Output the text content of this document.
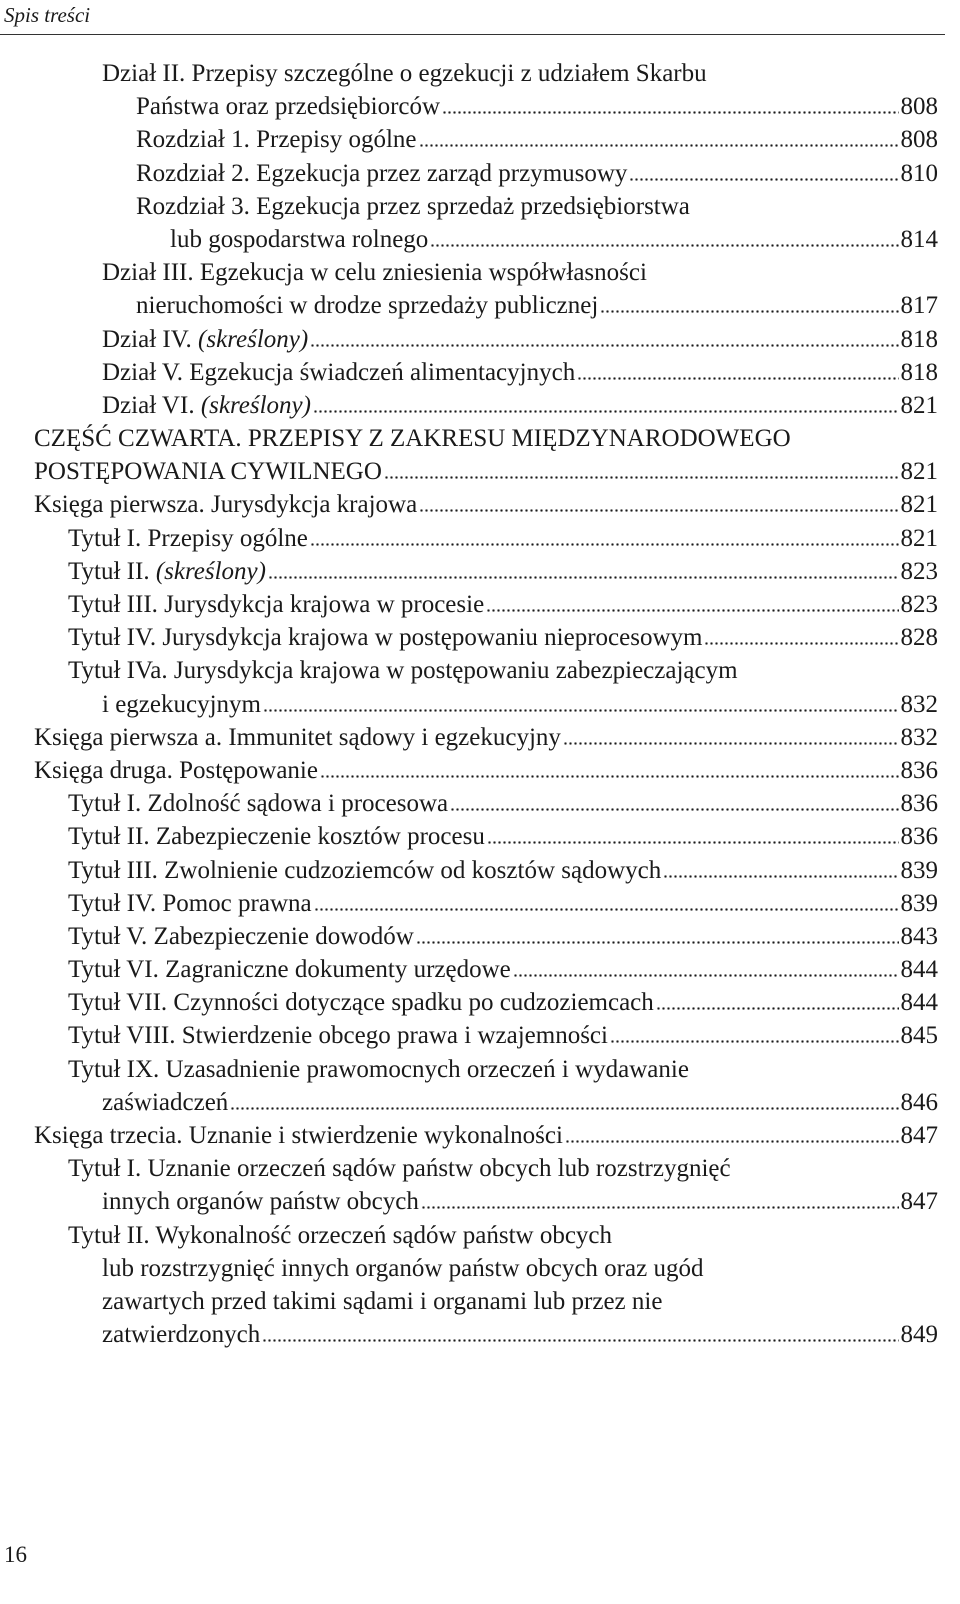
Spis treści
Dział II. Przepisy szczególne o egzekucji z udziałem Skarbu
Państwa oraz przedsiębiorców	808
Rozdział 1. Przepisy ogólne	808
Rozdział 2. Egzekucja przez zarząd przymusowy	810
Rozdział 3. Egzekucja przez sprzedaż przedsiębiorstwa
lub gospodarstwa rolnego	814
Dział III. Egzekucja w celu zniesienia współwłasności
nieruchomości w drodze sprzedaży publicznej	817
Dział IV. (skreślony)	818
Dział V. Egzekucja świadczeń alimentacyjnych	818
Dział VI. (skreślony)	821
CZĘŚĆ CZWARTA. PRZEPISY Z ZAKRESU MIĘDZYNARODOWEGO
POSTĘPOWANIA CYWILNEGO	821
Księga pierwsza. Jurysdykcja krajowa	821
Tytuł I. Przepisy ogólne	821
Tytuł II. (skreślony)	823
Tytuł III. Jurysdykcja krajowa w procesie	823
Tytuł IV. Jurysdykcja krajowa w postępowaniu nieprocesowym	828
Tytuł IVa. Jurysdykcja krajowa w postępowaniu zabezpieczającym
i egzekucyjnym	832
Księga pierwsza a. Immunitet sądowy i egzekucyjny	832
Księga druga. Postępowanie	836
Tytuł I. Zdolność sądowa i procesowa	836
Tytuł II. Zabezpieczenie kosztów procesu	836
Tytuł III. Zwolnienie cudzoziemców od kosztów sądowych	839
Tytuł IV. Pomoc prawna	839
Tytuł V. Zabezpieczenie dowodów	843
Tytuł VI. Zagraniczne dokumenty urzędowe	844
Tytuł VII. Czynności dotyczące spadku po cudzoziemcach	844
Tytuł VIII. Stwierdzenie obcego prawa i wzajemności	845
Tytuł IX. Uzasadnienie prawomocnych orzeczeń i wydawanie
zaświadczeń	846
Księga trzecia. Uznanie i stwierdzenie wykonalności	847
Tytuł I. Uznanie orzeczeń sądów państw obcych lub rozstrzygnięć
innych organów państw obcych	847
Tytuł II. Wykonalność orzeczeń sądów państw obcych
lub rozstrzygnięć innych organów państw obcych oraz ugód
zawartych przed takimi sądami i organami lub przez nie
zatwierdzonych	849
16
